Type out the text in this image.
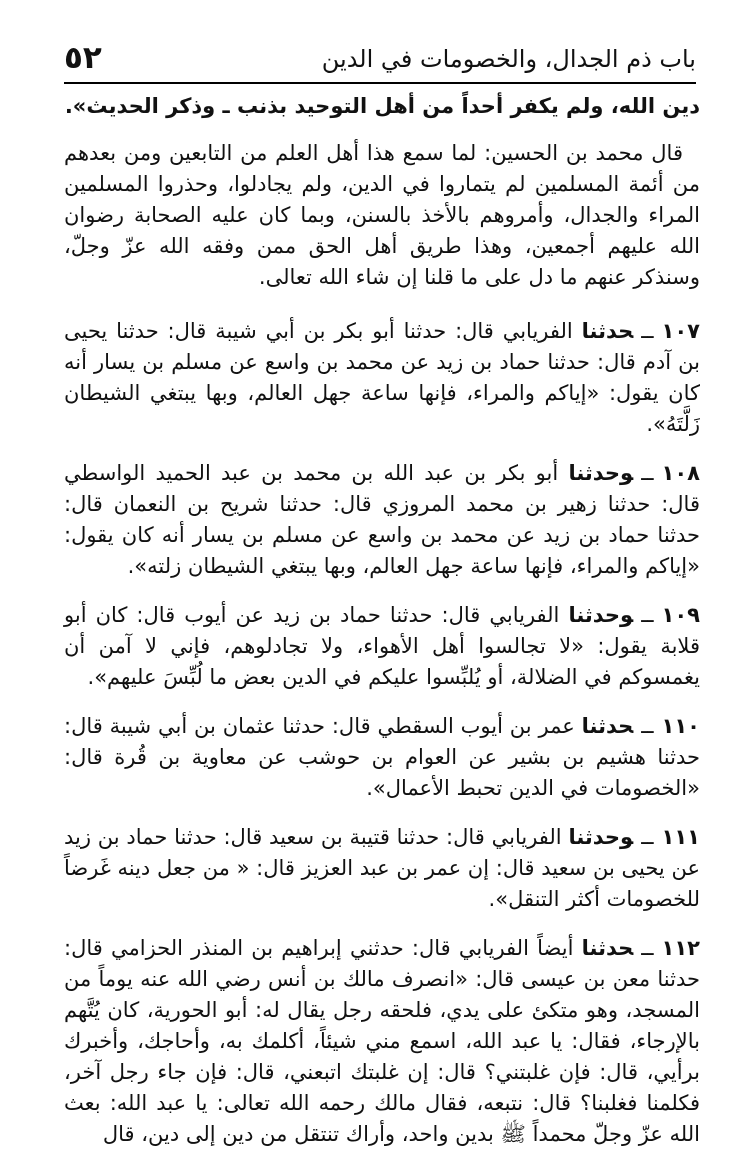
٥٢	باب ذم الجدال، والخصومات في الدين

دين الله، ولم يكفر أحداً من أهل التوحيد بذنب ـ وذكر الحديث».

قال محمد بن الحسين: لما سمع هذا أهل العلم من التابعين ومن بعدهم من أئمة المسلمين لم يتماروا في الدين، ولم يجادلوا، وحذروا المسلمين المراء والجدال، وأمروهم بالأخذ بالسنن، وبما كان عليه الصحابة رضوان الله عليهم أجمعين، وهذا طريق أهل الحق ممن وفقه الله عزّ وجلّ، وسنذكر عنهم ما دل على ما قلنا إن شاء الله تعالى.

١٠٧ــحدثنا الفريابي قال: حدثنا أبو بكر بن أبي شيبة قال: حدثنا يحيى بن آدم قال: حدثنا حماد بن زيد عن محمد بن واسع عن مسلم بن يسار أنه كان يقول: «إياكم والمراء، فإنها ساعة جهل العالم، وبها يبتغي الشيطان زَلَّتَهُ».

١٠٨ــوحدثنا أبو بكر بن عبد الله بن محمد بن عبد الحميد الواسطي قال: حدثنا زهير بن محمد المروزي قال: حدثنا شريح بن النعمان قال: حدثنا حماد بن زيد عن محمد بن واسع عن مسلم بن يسار أنه كان يقول: «إياكم والمراء، فإنها ساعة جهل العالم، وبها يبتغي الشيطان زلته».

١٠٩ــوحدثنا الفريابي قال: حدثنا حماد بن زيد عن أيوب قال: كان أبو قلابة يقول: «لا تجالسوا أهل الأهواء، ولا تجادلوهم، فإني لا آمن أن يغمسوكم في الضلالة، أو يُلبِّسوا عليكم في الدين بعض ما لُبِّسَ عليهم».

١١٠ــحدثنا عمر بن أيوب السقطي قال: حدثنا عثمان بن أبي شيبة قال: حدثنا هشيم بن بشير عن العوام بن حوشب عن معاوية بن قُرة قال: «الخصومات في الدين تحبط الأعمال».

١١١ــوحدثنا الفريابي قال: حدثنا قتيبة بن سعيد قال: حدثنا حماد بن زيد عن يحيى بن سعيد قال: إن عمر بن عبد العزيز قال: « من جعل دينه غَرضاً للخصومات أكثر التنقل».

١١٢ــحدثنا أيضاً الفريابي قال: حدثني إبراهيم بن المنذر الحزامي قال: حدثنا معن بن عيسى قال: «انصرف مالك بن أنس رضي الله عنه يوماً من المسجد، وهو متكئ على يدي، فلحقه رجل يقال له: أبو الحورية، كان يُتَّهم بالإرجاء، فقال: يا عبد الله، اسمع مني شيئاً، أكلمك به، وأحاجك، وأخبرك برأيي، قال: فإن غلبتني؟ قال: إن غلبتك اتبعني، قال: فإن جاء رجل آخر، فكلمنا فغلبنا؟ قال: نتبعه، فقال مالك رحمه الله تعالى: يا عبد الله: بعث الله عزّ وجلّ محمداً ﷺ بدين واحد، وأراك تنتقل من دين إلى دين، قال
